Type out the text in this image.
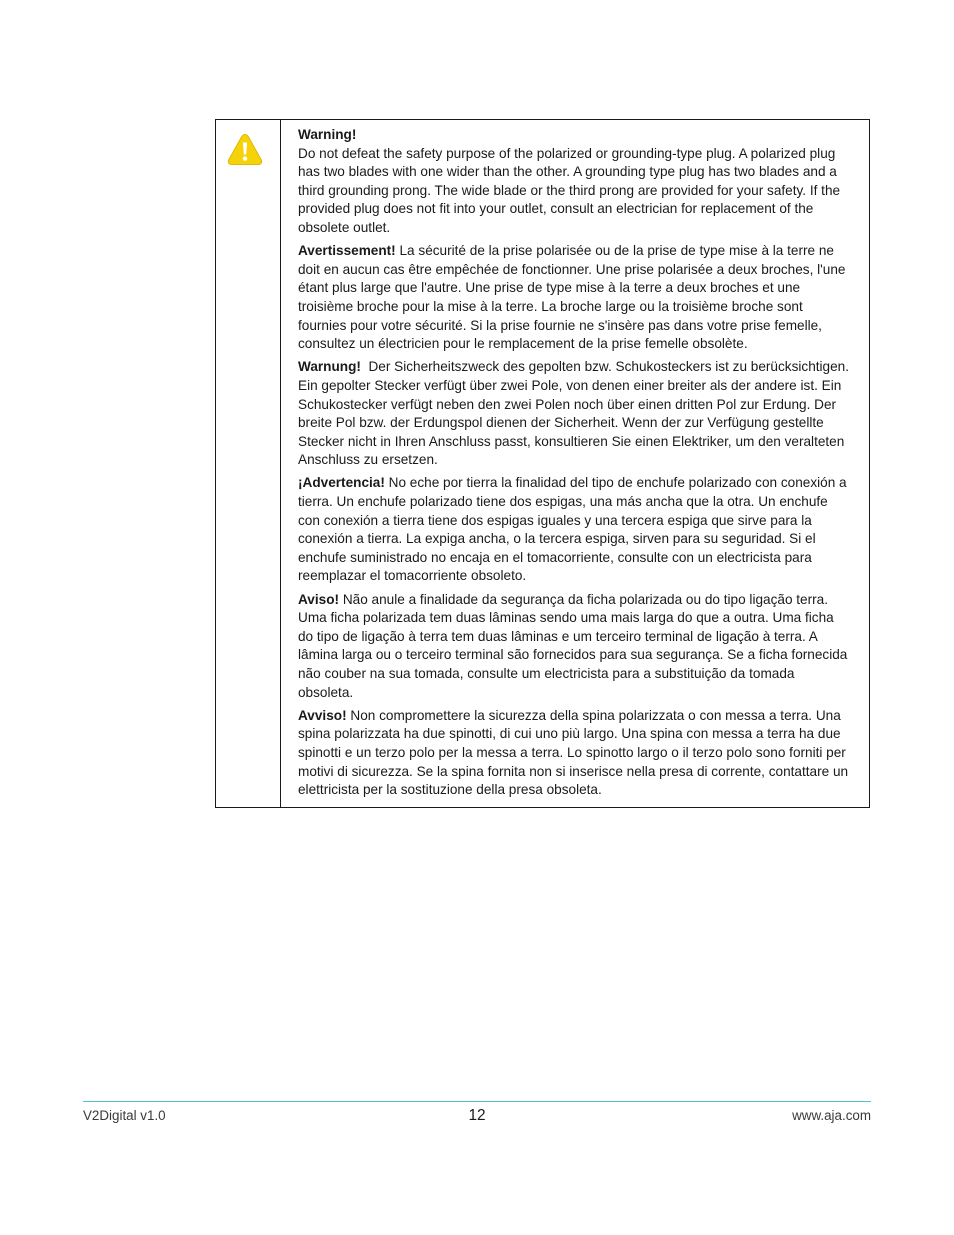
Warning!
Do not defeat the safety purpose of the polarized or grounding-type plug. A polarized plug has two blades with one wider than the other. A grounding type plug has two blades and a third grounding prong. The wide blade or the third prong are provided for your safety. If the provided plug does not fit into your outlet, consult an electrician for replacement of the obsolete outlet.
Avertissement! La sécurité de la prise polarisée ou de la prise de type mise à la terre ne doit en aucun cas être empêchée de fonctionner. Une prise polarisée a deux broches, l'une étant plus large que l'autre. Une prise de type mise à la terre a deux broches et une troisième broche pour la mise à la terre. La broche large ou la troisième broche sont fournies pour votre sécurité. Si la prise fournie ne s'insère pas dans votre prise femelle, consultez un électricien pour le remplacement de la prise femelle obsolète.
Warnung!  Der Sicherheitszweck des gepolten bzw. Schukosteckers ist zu berücksichtigen. Ein gepolter Stecker verfügt über zwei Pole, von denen einer breiter als der andere ist. Ein Schukostecker verfügt neben den zwei Polen noch über einen dritten Pol zur Erdung. Der breite Pol bzw. der Erdungspol dienen der Sicherheit. Wenn der zur Verfügung gestellte Stecker nicht in Ihren Anschluss passt, konsultieren Sie einen Elektriker, um den veralteten Anschluss zu ersetzen.
¡Advertencia! No eche por tierra la finalidad del tipo de enchufe polarizado con conexión a tierra. Un enchufe polarizado tiene dos espigas, una más ancha que la otra. Un enchufe con conexión a tierra tiene dos espigas iguales y una tercera espiga que sirve para la conexión a tierra. La expiga ancha, o la tercera espiga, sirven para su seguridad. Si el enchufe suministrado no encaja en el tomacorriente, consulte con un electricista para reemplazar el tomacorriente obsoleto.
Aviso! Não anule a finalidade da segurança da ficha polarizada ou do tipo ligação terra. Uma ficha polarizada tem duas lâminas sendo uma mais larga do que a outra. Uma ficha do tipo de ligação à terra tem duas lâminas e um terceiro terminal de ligação à terra. A lâmina larga ou o terceiro terminal são fornecidos para sua segurança. Se a ficha fornecida não couber na sua tomada, consulte um electricista para a substituição da tomada obsoleta.
Avviso! Non compromettere la sicurezza della spina polarizzata o con messa a terra. Una spina polarizzata ha due spinotti, di cui uno più largo. Una spina con messa a terra ha due spinotti e un terzo polo per la messa a terra. Lo spinotto largo o il terzo polo sono forniti per motivi di sicurezza. Se la spina fornita non si inserisce nella presa di corrente, contattare un elettricista per la sostituzione della presa obsoleta.
V2Digital v1.0	12	www.aja.com
